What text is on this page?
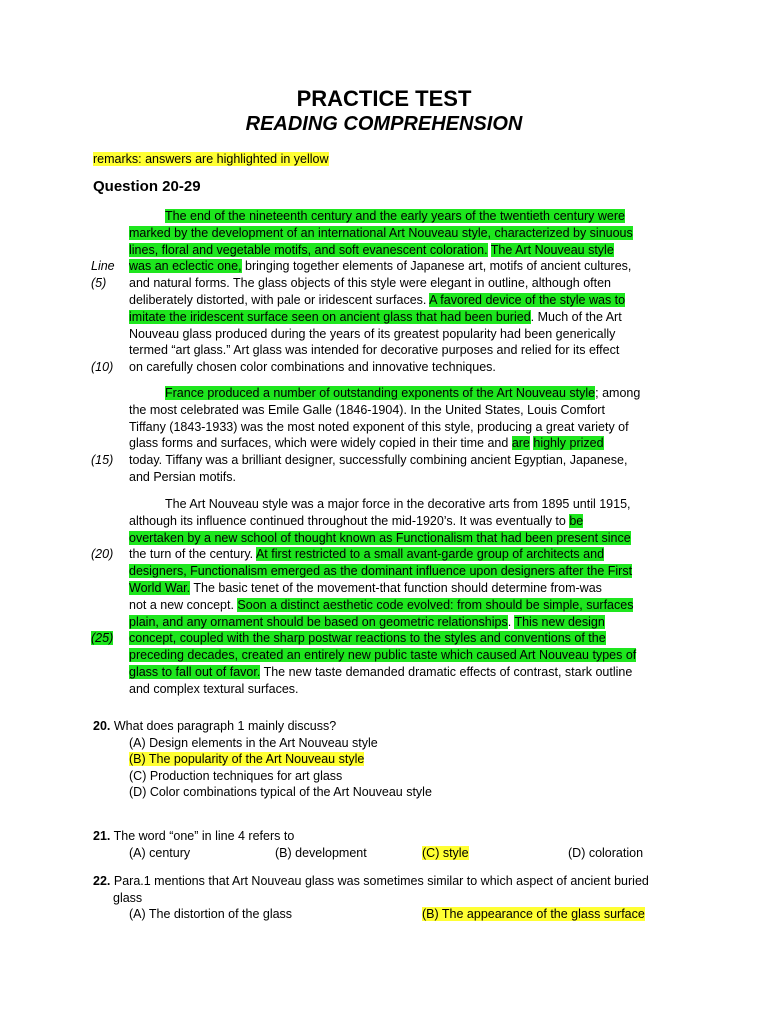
PRACTICE TEST
READING COMPREHENSION
remarks: answers are highlighted in yellow
Question 20-29
The end of the nineteenth century and the early years of the twentieth century were
marked by the development of an international Art Nouveau style, characterized by sinuous
lines, floral and vegetable motifs, and soft evanescent coloration. The Art Nouveau style
Line was an eclectic one, bringing together elements of Japanese art, motifs of ancient cultures,
(5) and natural forms. The glass objects of this style were elegant in outline, although often
deliberately distorted, with pale or iridescent surfaces. A favored device of the style was to
imitate the iridescent surface seen on ancient glass that had been buried. Much of the Art
Nouveau glass produced during the years of its greatest popularity had been generically
termed “art glass.” Art glass was intended for decorative purposes and relied for its effect
(10) on carefully chosen color combinations and innovative techniques.
France produced a number of outstanding exponents of the Art Nouveau style; among
the most celebrated was Emile Galle (1846-1904). In the United States, Louis Comfort
Tiffany (1843-1933) was the most noted exponent of this style, producing a great variety of
glass forms and surfaces, which were widely copied in their time and are highly prized
(15) today. Tiffany was a brilliant designer, successfully combining ancient Egyptian, Japanese,
and Persian motifs.
The Art Nouveau style was a major force in the decorative arts from 1895 until 1915,
although its influence continued throughout the mid-1920’s. It was eventually to be
overtaken by a new school of thought known as Functionalism that had been present since
(20) the turn of the century. At first restricted to a small avant-garde group of architects and
designers, Functionalism emerged as the dominant influence upon designers after the First
World War. The basic tenet of the movement-that function should determine from-was
not a new concept. Soon a distinct aesthetic code evolved: from should be simple, surfaces
plain, and any ornament should be based on geometric relationships. This new design
(25) concept, coupled with the sharp postwar reactions to the styles and conventions of the
preceding decades, created an entirely new public taste which caused Art Nouveau types of
glass to fall out of favor. The new taste demanded dramatic effects of contrast, stark outline
and complex textural surfaces.
20. What does paragraph 1 mainly discuss?
(A) Design elements in the Art Nouveau style
(B) The popularity of the Art Nouveau style
(C) Production techniques for art glass
(D) Color combinations typical of the Art Nouveau style
21. The word “one” in line 4 refers to
(A) century	(B) development	(C) style	(D) coloration
22. Para.1 mentions that Art Nouveau glass was sometimes similar to which aspect of ancient buried
glass
(A) The distortion of the glass	(B) The appearance of the glass surface
